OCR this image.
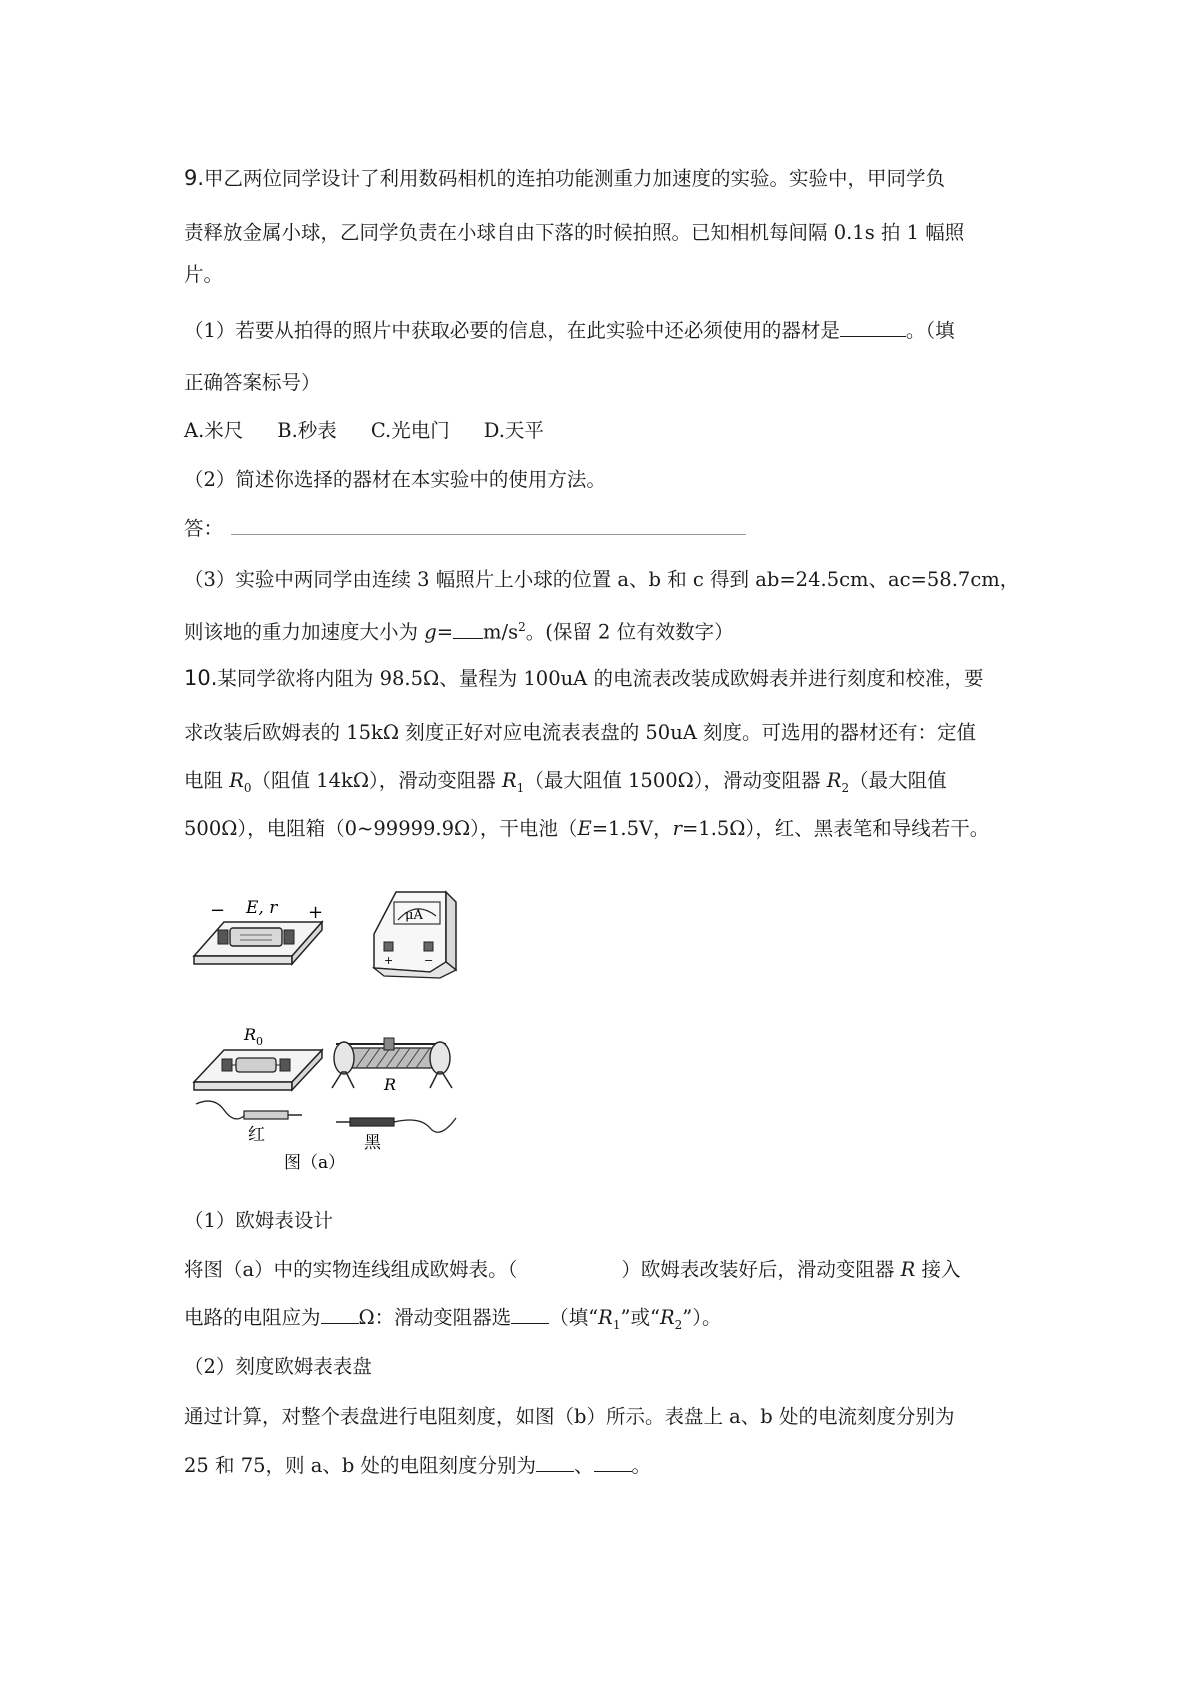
9.甲乙两位同学设计了利用数码相机的连拍功能测重力加速度的实验。实验中，甲同学负
责释放金属小球，乙同学负责在小球自由下落的时候拍照。已知相机每间隔 0.1s 拍 1 幅照
片。
（1）若要从拍得的照片中获取必要的信息，在此实验中还必须使用的器材是	。（填
正确答案标号）
A.米尺 B.秒表 C.光电门 D.天平
（2）简述你选择的器材在本实验中的使用方法。
答：
（3）实验中两同学由连续 3 幅照片上小球的位置 a、b 和 c 得到 ab=24.5cm、ac=58.7cm，
则该地的重力加速度大小为 $g= m/s^2$。(保留 2 位有效数字）
10.某同学欲将内阻为 98.5Ω、量程为 100uA 的电流表改装成欧姆表并进行刻度和校准，要
求改装后欧姆表的 15kΩ 刻度正好对应电流表表盘的 50uA 刻度。可选用的器材还有：定值
电阻 $R_0$（阻值 14kΩ），滑动变阻器 $R_1$（最大阻值 1500Ω），滑动变阻器 $R_2$（最大阻值
500Ω），电阻箱（0~99999.9Ω），干电池（E=1.5V，r=1.5Ω），红、黑表笔和导线若干。
E, r
−	+	μA
+	−
R 0
R
红	黑
图（a）
（1）欧姆表设计
将图（a）中的实物连线组成欧姆表。（	）欧姆表改装好后，滑动变阻器 R 接入
电路的电阻应为 Ω：滑动变阻器选 （填“$R_1$”或“$R_2$”）。
（2）刻度欧姆表表盘
通过计算，对整个表盘进行电阻刻度，如图（b）所示。表盘上 a、b 处的电流刻度分别为
25 和 75，则 a、b 处的电阻刻度分别为 、 。
